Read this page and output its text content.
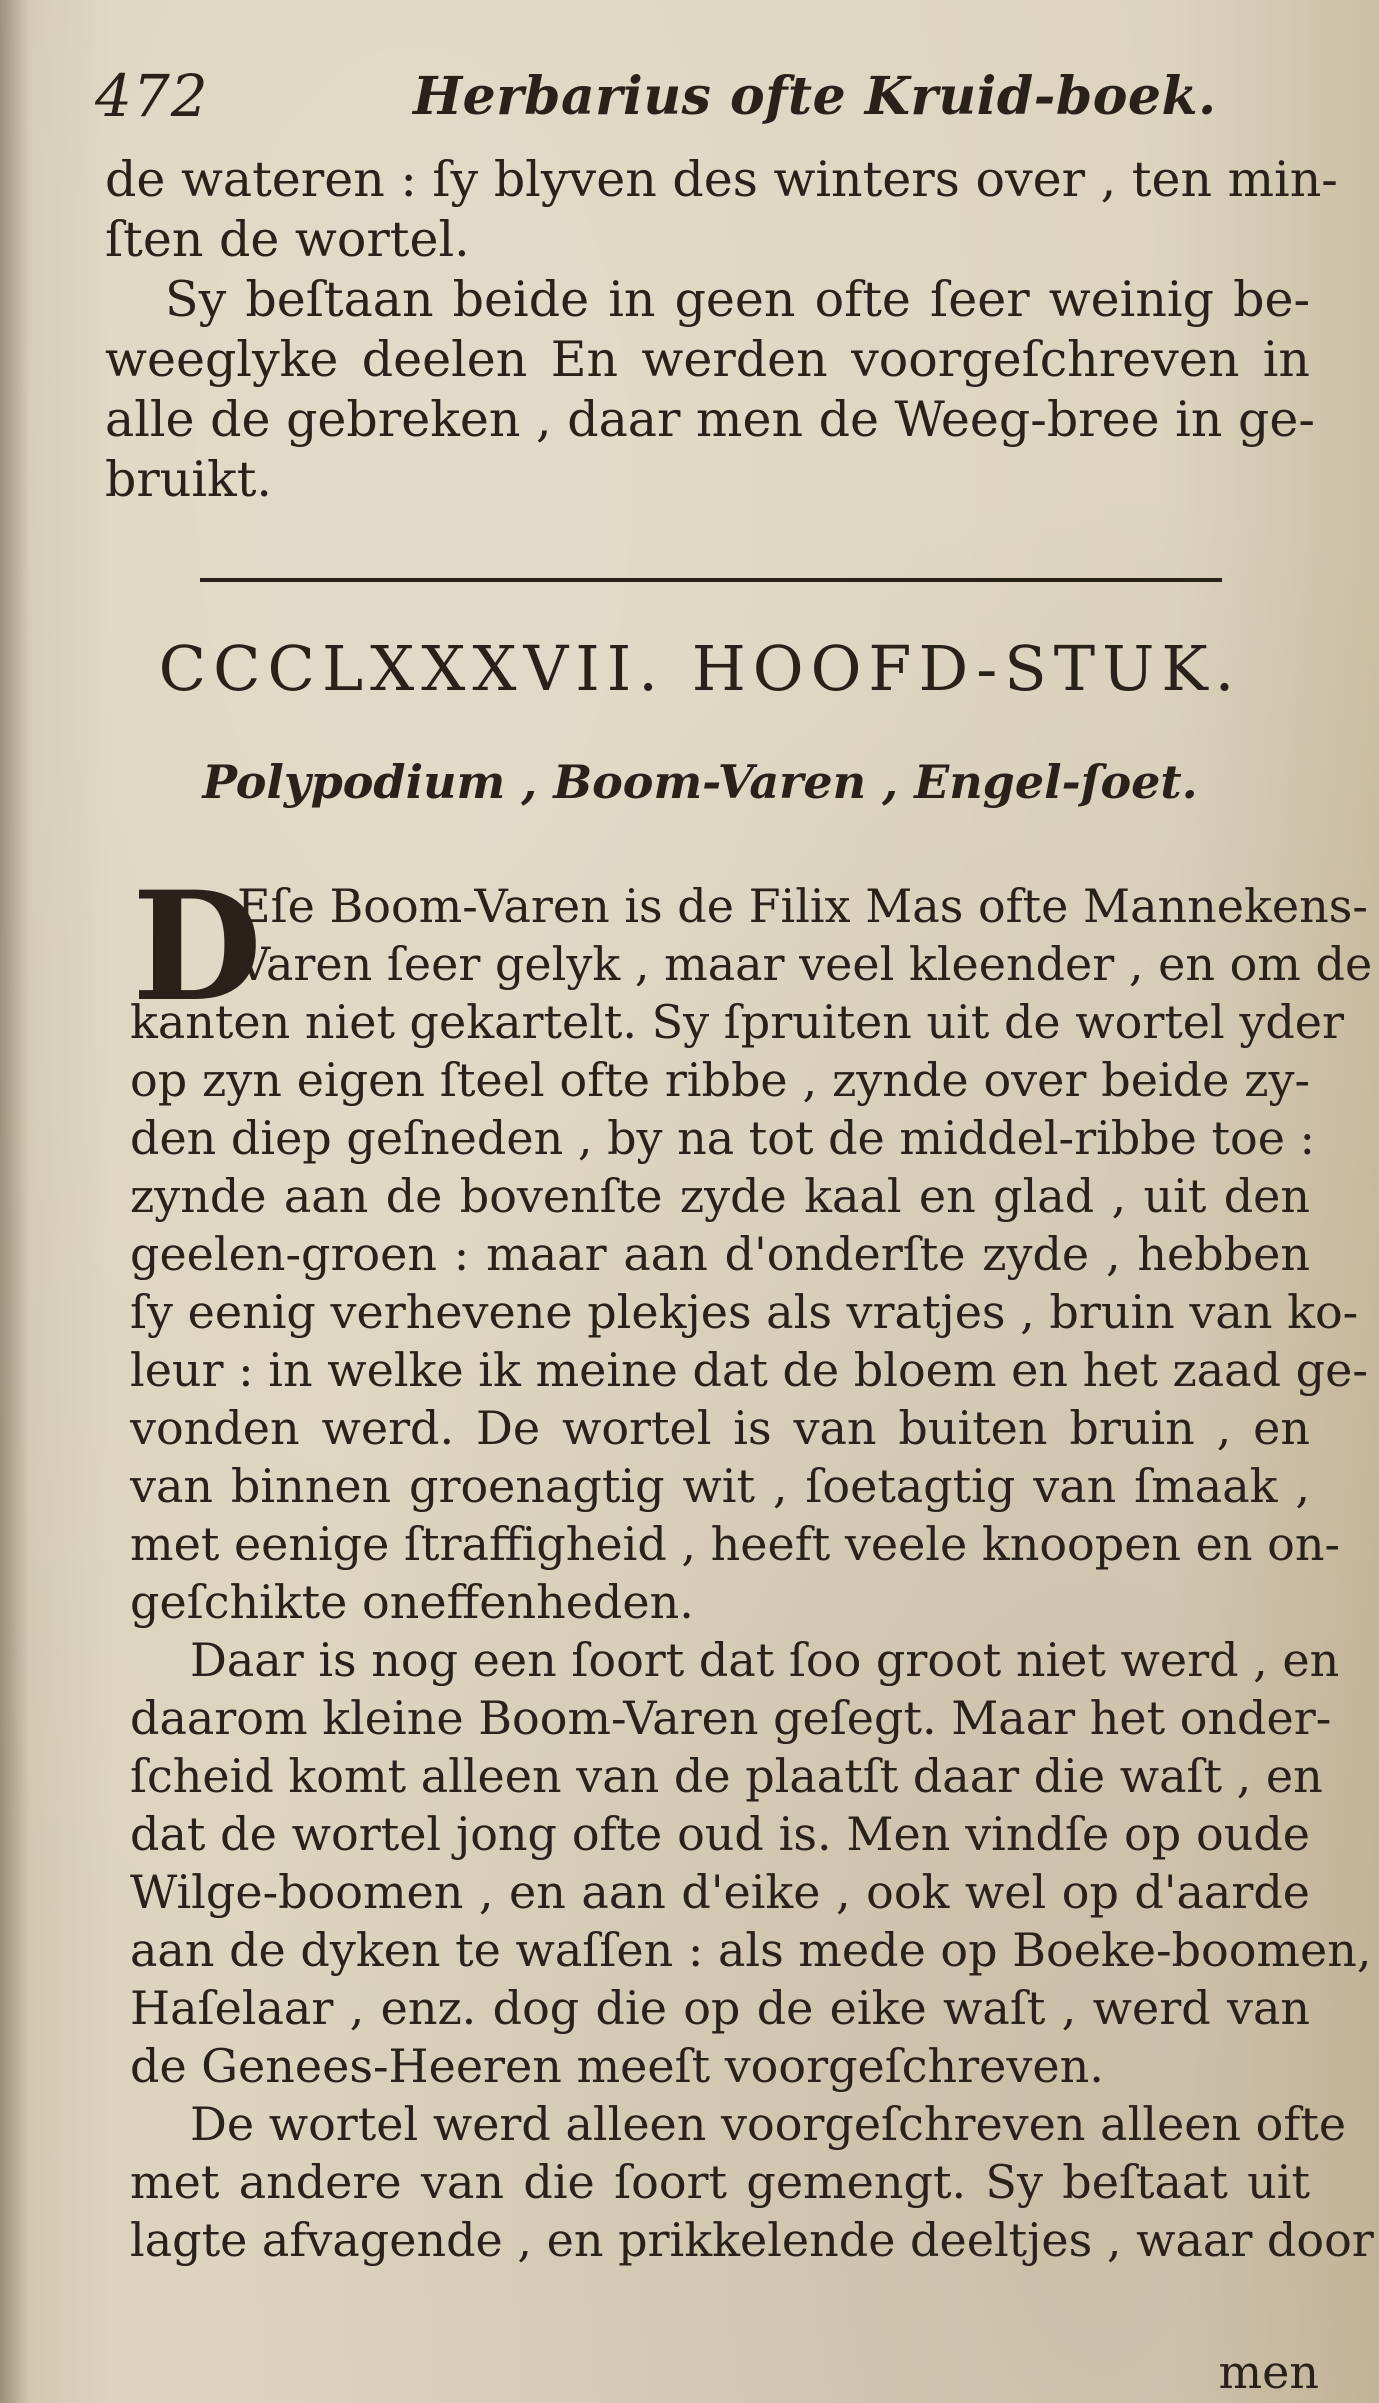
472	Herbarius ofte Kruid-boek.
de wateren : ſy blyven des winters over , ten min-
ſten de wortel.
Sy beſtaan beide in geen ofte ſeer weinig be-
weeglyke deelen En werden voorgeſchreven in
alle de gebreken , daar men de Weeg-bree in ge-
bruikt.
CCCLXXXVII. HOOFD-STUK.
Polypodium , Boom-Varen , Engel-ſoet.
D
Eſe Boom-Varen is de Filix Mas ofte Mannekens-
Varen ſeer gelyk , maar veel kleender , en om de
kanten niet gekartelt. Sy ſpruiten uit de wortel yder
op zyn eigen ſteel ofte ribbe , zynde over beide zy-
den diep geſneden , by na tot de middel-ribbe toe :
zynde aan de bovenſte zyde kaal en glad , uit den
geelen-groen : maar aan d'onderſte zyde , hebben
ſy eenig verhevene plekjes als vratjes , bruin van ko-
leur : in welke ik meine dat de bloem en het zaad ge-
vonden werd. De wortel is van buiten bruin , en
van binnen groenagtig wit , ſoetagtig van ſmaak ,
met eenige ſtraffigheid , heeft veele knoopen en on-
geſchikte oneffenheden.
Daar is nog een ſoort dat ſoo groot niet werd , en
daarom kleine Boom-Varen geſegt. Maar het onder-
ſcheid komt alleen van de plaatſt daar die waſt , en
dat de wortel jong ofte oud is. Men vindſe op oude
Wilge-boomen , en aan d'eike , ook wel op d'aarde
aan de dyken te waſſen : als mede op Boeke-boomen,
Haſelaar , enz. dog die op de eike waſt , werd van
de Genees-Heeren meeſt voorgeſchreven.
De wortel werd alleen voorgeſchreven alleen ofte
met andere van die ſoort gemengt. Sy beſtaat uit
lagte afvagende , en prikkelende deeltjes , waar door
men
